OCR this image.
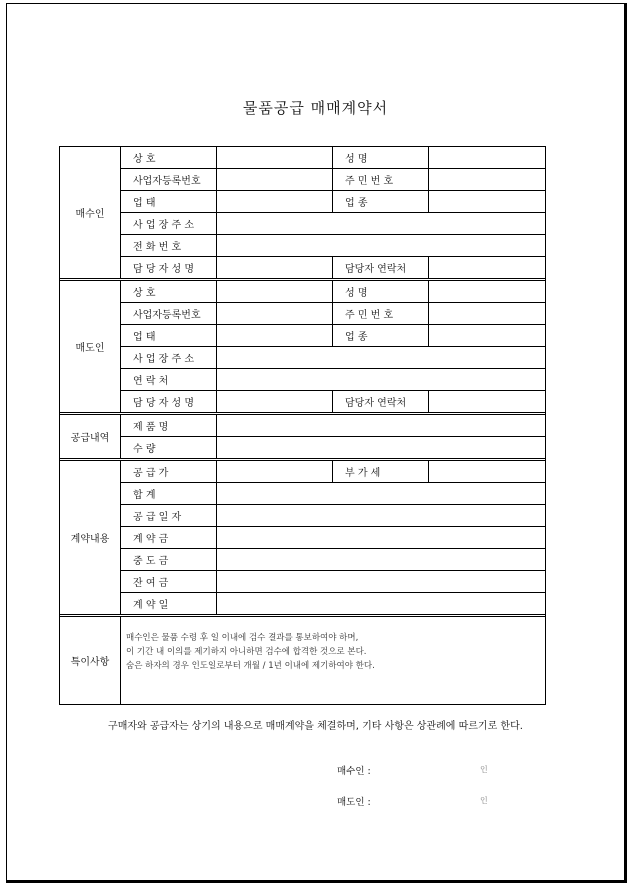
물품공급 매매계약서
매수인
상 호	성 명
사업자등록번호	주 민 번 호
업 태	업 종
사 업 장 주 소
전 화 번 호
담 당 자 성 명	담당자 연락처
매도인
상 호	성 명
사업자등록번호	주 민 번 호
업 태	업 종
사 업 장 주 소
연 락 처
담 당 자 성 명	담당자 연락처
공급내역
제 품 명
수 량
계약내용
공 급 가	부 가 세
합 계
공 급 일 자
계 약 금
중 도 금
잔 여 금
계 약 일
특이사항
매수인은 물품 수령 후 일 이내에 검수 결과를 통보하여야 하며,
이 기간 내 이의를 제기하지 아니하면 검수에 합격한 것으로 본다.
숨은 하자의 경우 인도일로부터 개월 / 1년 이내에 제기하여야 한다.
구매자와 공급자는 상기의 내용으로 매매계약을 체결하며, 기타 사항은 상관례에 따르기로 한다.
매수인 :	인
매도인 :	인
